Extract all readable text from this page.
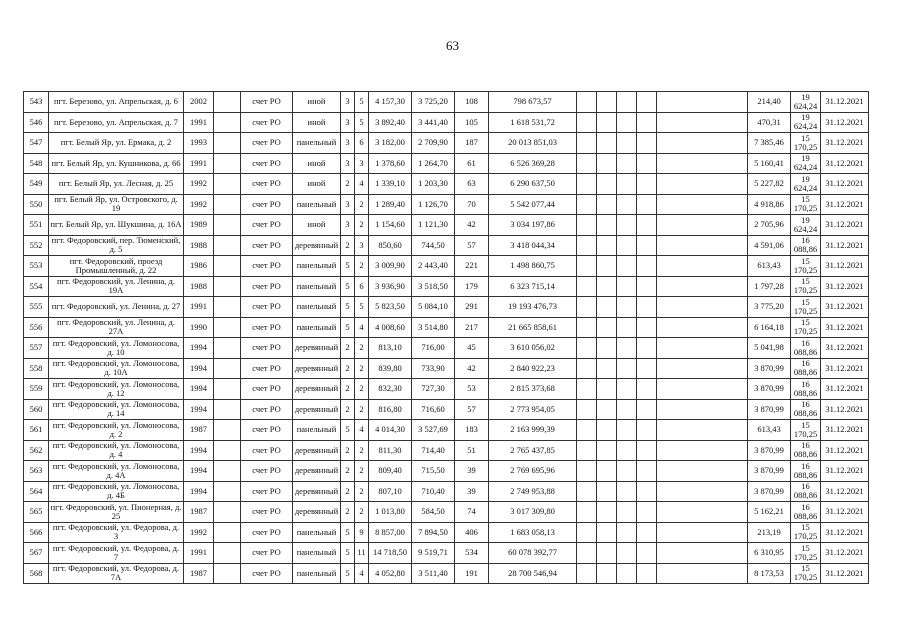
63
543	пгт. Березово, ул. Апрельская, д. 6	2002		счет РО	иной	3	5	4 157,30	3 725,20	108	798 673,57						214,40	19 624,24	31.12.2021
546	пгт. Березово, ул. Апрельская, д. 7	1991		счет РО	иной	3	5	3 892,40	3 441,40	105	1 618 531,72						470,31	19 624,24	31.12.2021
547	пгт. Белый Яр, ул. Ермака, д. 2	1993		счет РО	панельный	3	6	3 182,00	2 709,90	187	20 013 851,03						7 385,46	15 170,25	31.12.2021
548	пгт. Белый Яр, ул. Кушникова, д. 66	1991		счет РО	иной	3	3	1 378,60	1 264,70	61	6 526 369,28						5 160,41	19 624,24	31.12.2021
549	пгт. Белый Яр, ул. Лесная, д. 25	1992		счет РО	иной	2	4	1 339,10	1 203,30	63	6 290 637,50						5 227,82	19 624,24	31.12.2021
550	пгт. Белый Яр, ул. Островского, д. 19	1992		счет РО	панельный	3	2	1 289,40	1 126,70	70	5 542 077,44						4 918,86	15 170,25	31.12.2021
551	пгт. Белый Яр, ул. Шукшина, д. 16А	1989		счет РО	иной	3	2	1 154,60	1 121,30	42	3 034 197,86						2 705,96	19 624,24	31.12.2021
552	пгт. Федоровский, пер. Тюменский, д. 5	1988		счет РО	деревянный	2	3	850,60	744,50	57	3 418 044,34						4 591,06	16 088,86	31.12.2021
553	пгт. Федоровский, проезд Промышленный, д. 22	1986		счет РО	панельный	5	2	3 009,90	2 443,40	221	1 498 860,75						613,43	15 170,25	31.12.2021
554	пгт. Федоровский, ул. Ленина, д. 19А	1988		счет РО	панельный	5	6	3 936,90	3 518,50	179	6 323 715,14						1 797,28	15 170,25	31.12.2021
555	пгт. Федоровский, ул. Ленина, д. 27	1991		счет РО	панельный	5	5	5 823,50	5 084,10	291	19 193 476,73						3 775,20	15 170,25	31.12.2021
556	пгт. Федоровский, ул. Ленина, д. 27А	1990		счет РО	панельный	5	4	4 008,60	3 514,80	217	21 665 858,61						6 164,18	15 170,25	31.12.2021
557	пгт. Федоровский, ул. Ломоносова, д. 10	1994		счет РО	деревянный	2	2	813,10	716,00	45	3 610 056,02						5 041,98	16 088,86	31.12.2021
558	пгт. Федоровский, ул. Ломоносова, д. 10А	1994		счет РО	деревянный	2	2	839,80	733,90	42	2 840 922,23						3 870,99	16 088,86	31.12.2021
559	пгт. Федоровский, ул. Ломоносова, д. 12	1994		счет РО	деревянный	2	2	832,30	727,30	53	2 815 373,68						3 870,99	16 088,86	31.12.2021
560	пгт. Федоровский, ул. Ломоносова, д. 14	1994		счет РО	деревянный	2	2	816,80	716,60	57	2 773 954,05						3 870,99	16 088,86	31.12.2021
561	пгт. Федоровский, ул. Ломоносова, д. 2	1987		счет РО	панельный	5	4	4 014,30	3 527,69	183	2 163 999,39						613,43	15 170,25	31.12.2021
562	пгт. Федоровский, ул. Ломоносова, д. 4	1994		счет РО	деревянный	2	2	811,30	714,40	51	2 765 437,85						3 870,99	16 088,86	31.12.2021
563	пгт. Федоровский, ул. Ломоносова, д. 4А	1994		счет РО	деревянный	2	2	809,40	715,50	39	2 769 695,96						3 870,99	16 088,86	31.12.2021
564	пгт. Федоровский, ул. Ломоносова, д. 4Б	1994		счет РО	деревянный	2	2	807,10	710,40	39	2 749 953,88						3 870,99	16 088,86	31.12.2021
565	пгт. Федоровский, ул. Пионерная, д. 25	1987		счет РО	деревянный	2	2	1 013,80	584,50	74	3 017 309,80						5 162,21	16 088,86	31.12.2021
566	пгт. Федоровский, ул. Федорова, д. 3	1992		счет РО	панельный	5	9	8 857,00	7 894,50	406	1 683 058,13						213,19	15 170,25	31.12.2021
567	пгт. Федоровский, ул. Федорова, д. 7	1991		счет РО	панельный	5	11	14 718,50	9 519,71	534	60 078 392,77						6 310,95	15 170,25	31.12.2021
568	пгт. Федоровский, ул. Федорова, д. 7А	1987		счет РО	панельный	5	4	4 052,80	3 511,40	191	28 700 546,94						8 173,53	15 170,25	31.12.2021
